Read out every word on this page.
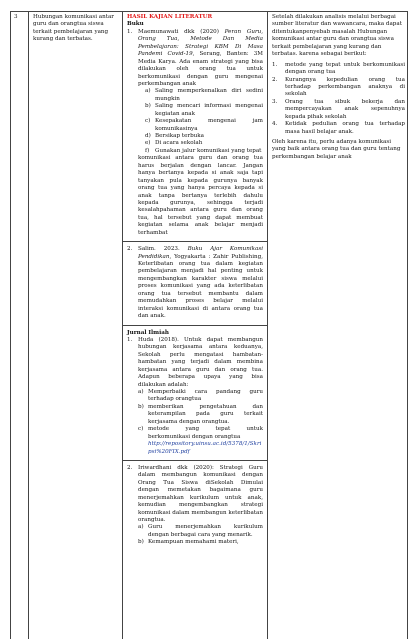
3	Hubungan komunikasi antar guru dan orangtua siswa terkait pembelajaran yang kurang dan terbatas.

HASIL KAJIAN LITERATUR
Buku
1. Maemunawati dkk (2020) Peran Guru, Orang Tua, Metode Dan Media Pembelajaran: Strategi KBM Di Masa Pandemi Covid-19, Serang, Banten: 3M Media Karya. Ada enam strategi yang bisa dilakukan oleh orang tua untuk berkomunikasi dengan guru mengenai perkembangan anak
a) Saling memperkenalkan diri sedini mungkin
b) Saling mencari informasi mengenai kegiatan anak
c) Kesepakatan mengenai jam komunikasinya
d) Bersikap terbuka
e) Di acara sekolah
f) Gunakan jalur komunikasi yang tepat

komunikasi antara guru dan orang tua harus berjalan dengan lancar. Jangan hanya bertanya kepada si anak saja tapi tanyakan pula kepada gurunya banyak orang tua yang hanya percaya kepada si anak tanpa bertanya terlebih dahulu kepada gurunya, sehingga terjadi kesalahpahaman antara guru dan orang tua, hal tersebut yang dapat membuat kegiatan selama anak belajar menjadi terhambat

2. Salim. 2023. Buku Ajar Komunikasi Pendidikan, Yogyakarta : Zahir Publishing, Keterlibatan orang tua dalam kegiatan pembelajaran menjadi hal penting untuk mengembangkan karakter siswa melalui proses komunikasi yang ada keterlibatan orang tua tersebut membantu dalam memudahkan proses belajar melalui interaksi komunikasi di antara orang tua dan anak.
Jurnal Ilmiah
1. Huda (2018). Untuk dapat membangun hubungan kerjasama antara keduanya, Sekolah perlu mengatasi hambatan-hambatan yang terjadi dalam membina kerjasama antara guru dan orang tua. Adapun beberapa upaya yang bisa dilakukan adalah:
a) Memperbaiki cara pandang guru terhadap orangtua
b) memberikan pengetahuan dan keterampilan pada guru terkait kerjasama dengan orangtua.
c) metode yang tepat untuk berkomunikasi dengan orangtua
http://repository.uinsu.ac.id/5378/1/Skripsi%20FIX.pdf
2. Iriwardhani dkk (2020): Strategi Guru dalam membangun komunikasi dengan Orang Tua Siswa diSekolah Dimulai dengan memetakan bagaimana guru menerjemahkan kurikulum untuk anak, kemudian mengembangkan strategi komunikasi dalam membangun keterlibatan orangtua.
a) Guru menerjemahkan kurikulum dengan berbagai cara yang menarik.
b) Kemampuan memahami materi,

Setelah dilakukan analisis melalui berbagai sumber literatur dan wawancara, maka dapat ditentukanpenyebab masalah Hubungan komunikasi antar guru dan orangtua siswa terkait pembelajaran yang kurang dan terbatas. karena sebagai berikut:

1. metode yang tepat untuk berkomunikasi dengan orang tua
2. Kurangnya kepedulian orang tua terhadap perkembangan anaknya di sekolah
3. Orang tua sibuk bekerja dan mempercayakan anak sepenuhnya kepada pihak sekolah
4. Ketidak pedulian orang tua terhadap masa hasil belajar anak.

Oleh karena itu, perlu adanya komunikasi yang baik antara orang tua dan guru tentang perkembangan belajar anak
